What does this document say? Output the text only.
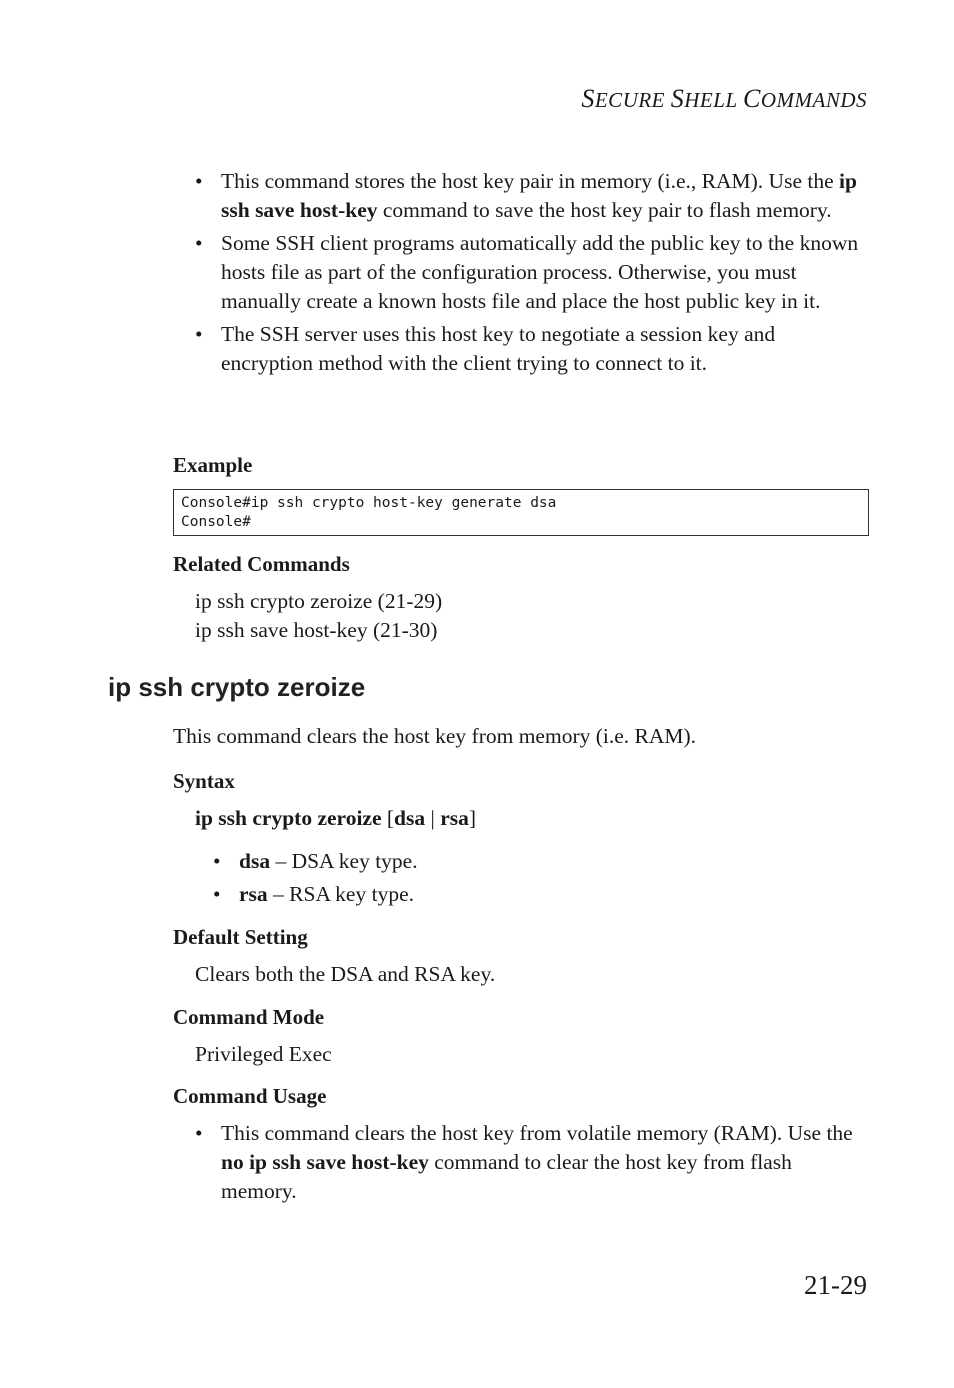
SECURE SHELL COMMANDS
• This command stores the host key pair in memory (i.e., RAM). Use the ip ssh save host-key command to save the host key pair to flash memory.
• Some SSH client programs automatically add the public key to the known hosts file as part of the configuration process. Otherwise, you must manually create a known hosts file and place the host public key in it.
• The SSH server uses this host key to negotiate a session key and encryption method with the client trying to connect to it.
Example
Console#ip ssh crypto host-key generate dsa
Console#
Related Commands
ip ssh crypto zeroize (21-29)
ip ssh save host-key (21-30)
ip ssh crypto zeroize
This command clears the host key from memory (i.e. RAM).
Syntax
ip ssh crypto zeroize [dsa | rsa]
• dsa – DSA key type.
• rsa – RSA key type.
Default Setting
Clears both the DSA and RSA key.
Command Mode
Privileged Exec
Command Usage
• This command clears the host key from volatile memory (RAM). Use the no ip ssh save host-key command to clear the host key from flash memory.
21-29
